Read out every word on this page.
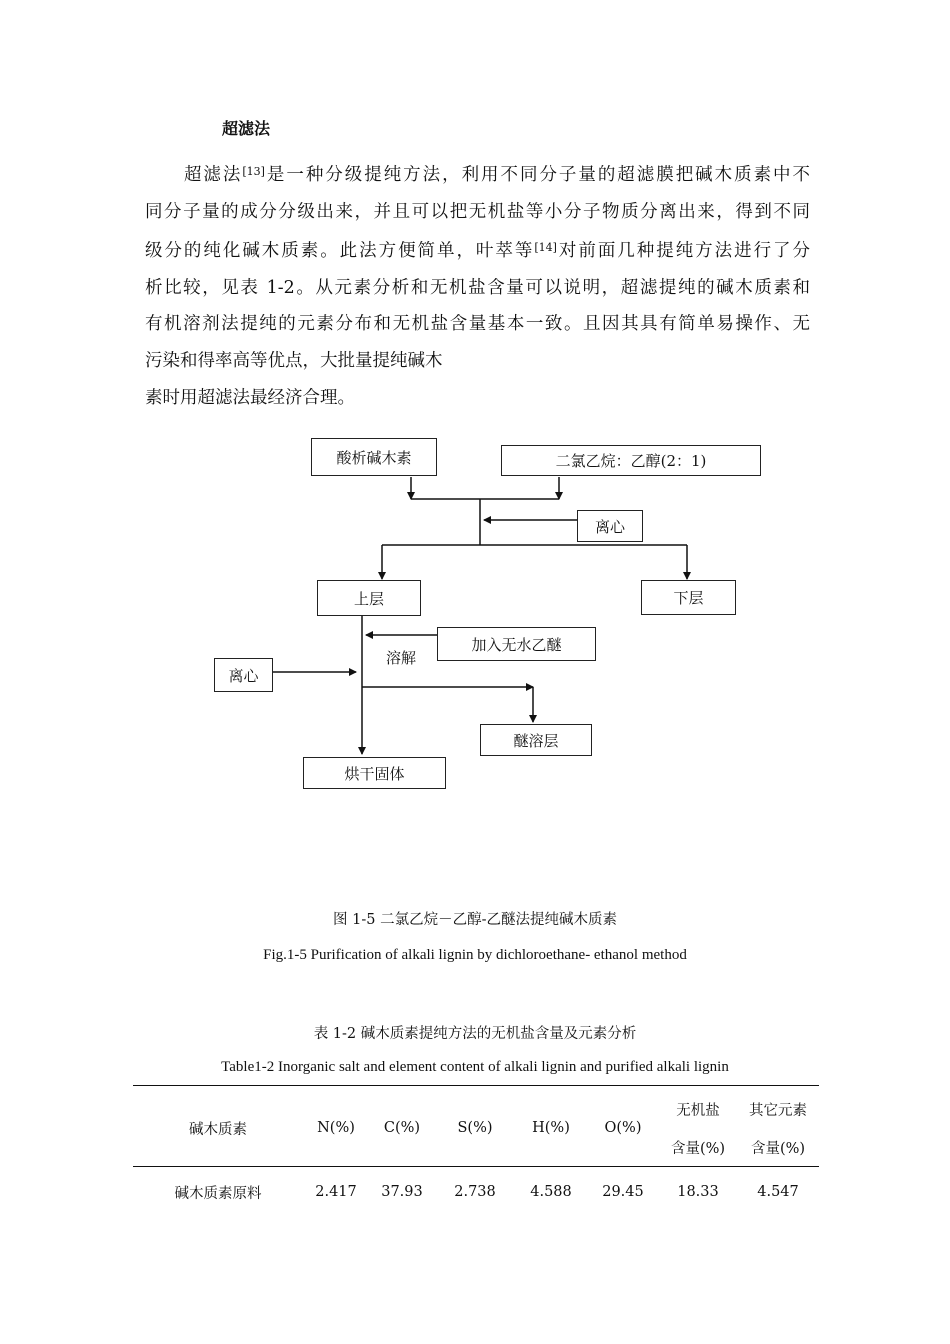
超滤法
　　超滤法[13]是一种分级提纯方法，利用不同分子量的超滤膜把碱木质素中不
同分子量的成分分级出来，并且可以把无机盐等小分子物质分离出来，得到不同
级分的纯化碱木质素。此法方便简单，叶萃等[14]对前面几种提纯方法进行了分
析比较，见表 1-2。从元素分析和无机盐含量可以说明，超滤提纯的碱木质素和
有机溶剂法提纯的元素分布和无机盐含量基本一致。且因其具有简单易操作、无
污染和得率高等优点，大批量提纯碱木
素时用超滤法最经济合理。
酸析碱木素	二氯乙烷：乙醇(2：1)
离心
上层	下层
加入无水乙醚
溶解
离心
醚溶层
烘干固体
图 1-5 二氯乙烷－乙醇-乙醚法提纯碱木质素
Fig.1-5 Purification of alkali lignin by dichloroethane- ethanol method
表 1-2 碱木质素提纯方法的无机盐含量及元素分析
Table1-2 Inorganic salt and element content of alkali lignin and purified alkali lignin
碱木质素	N(%)	C(%)	S(%)	H(%)	O(%)	无机盐	其它元素
						含量(%)	含量(%)
碱木质素原料	2.417	37.93	2.738	4.588	29.45	18.33	4.547
